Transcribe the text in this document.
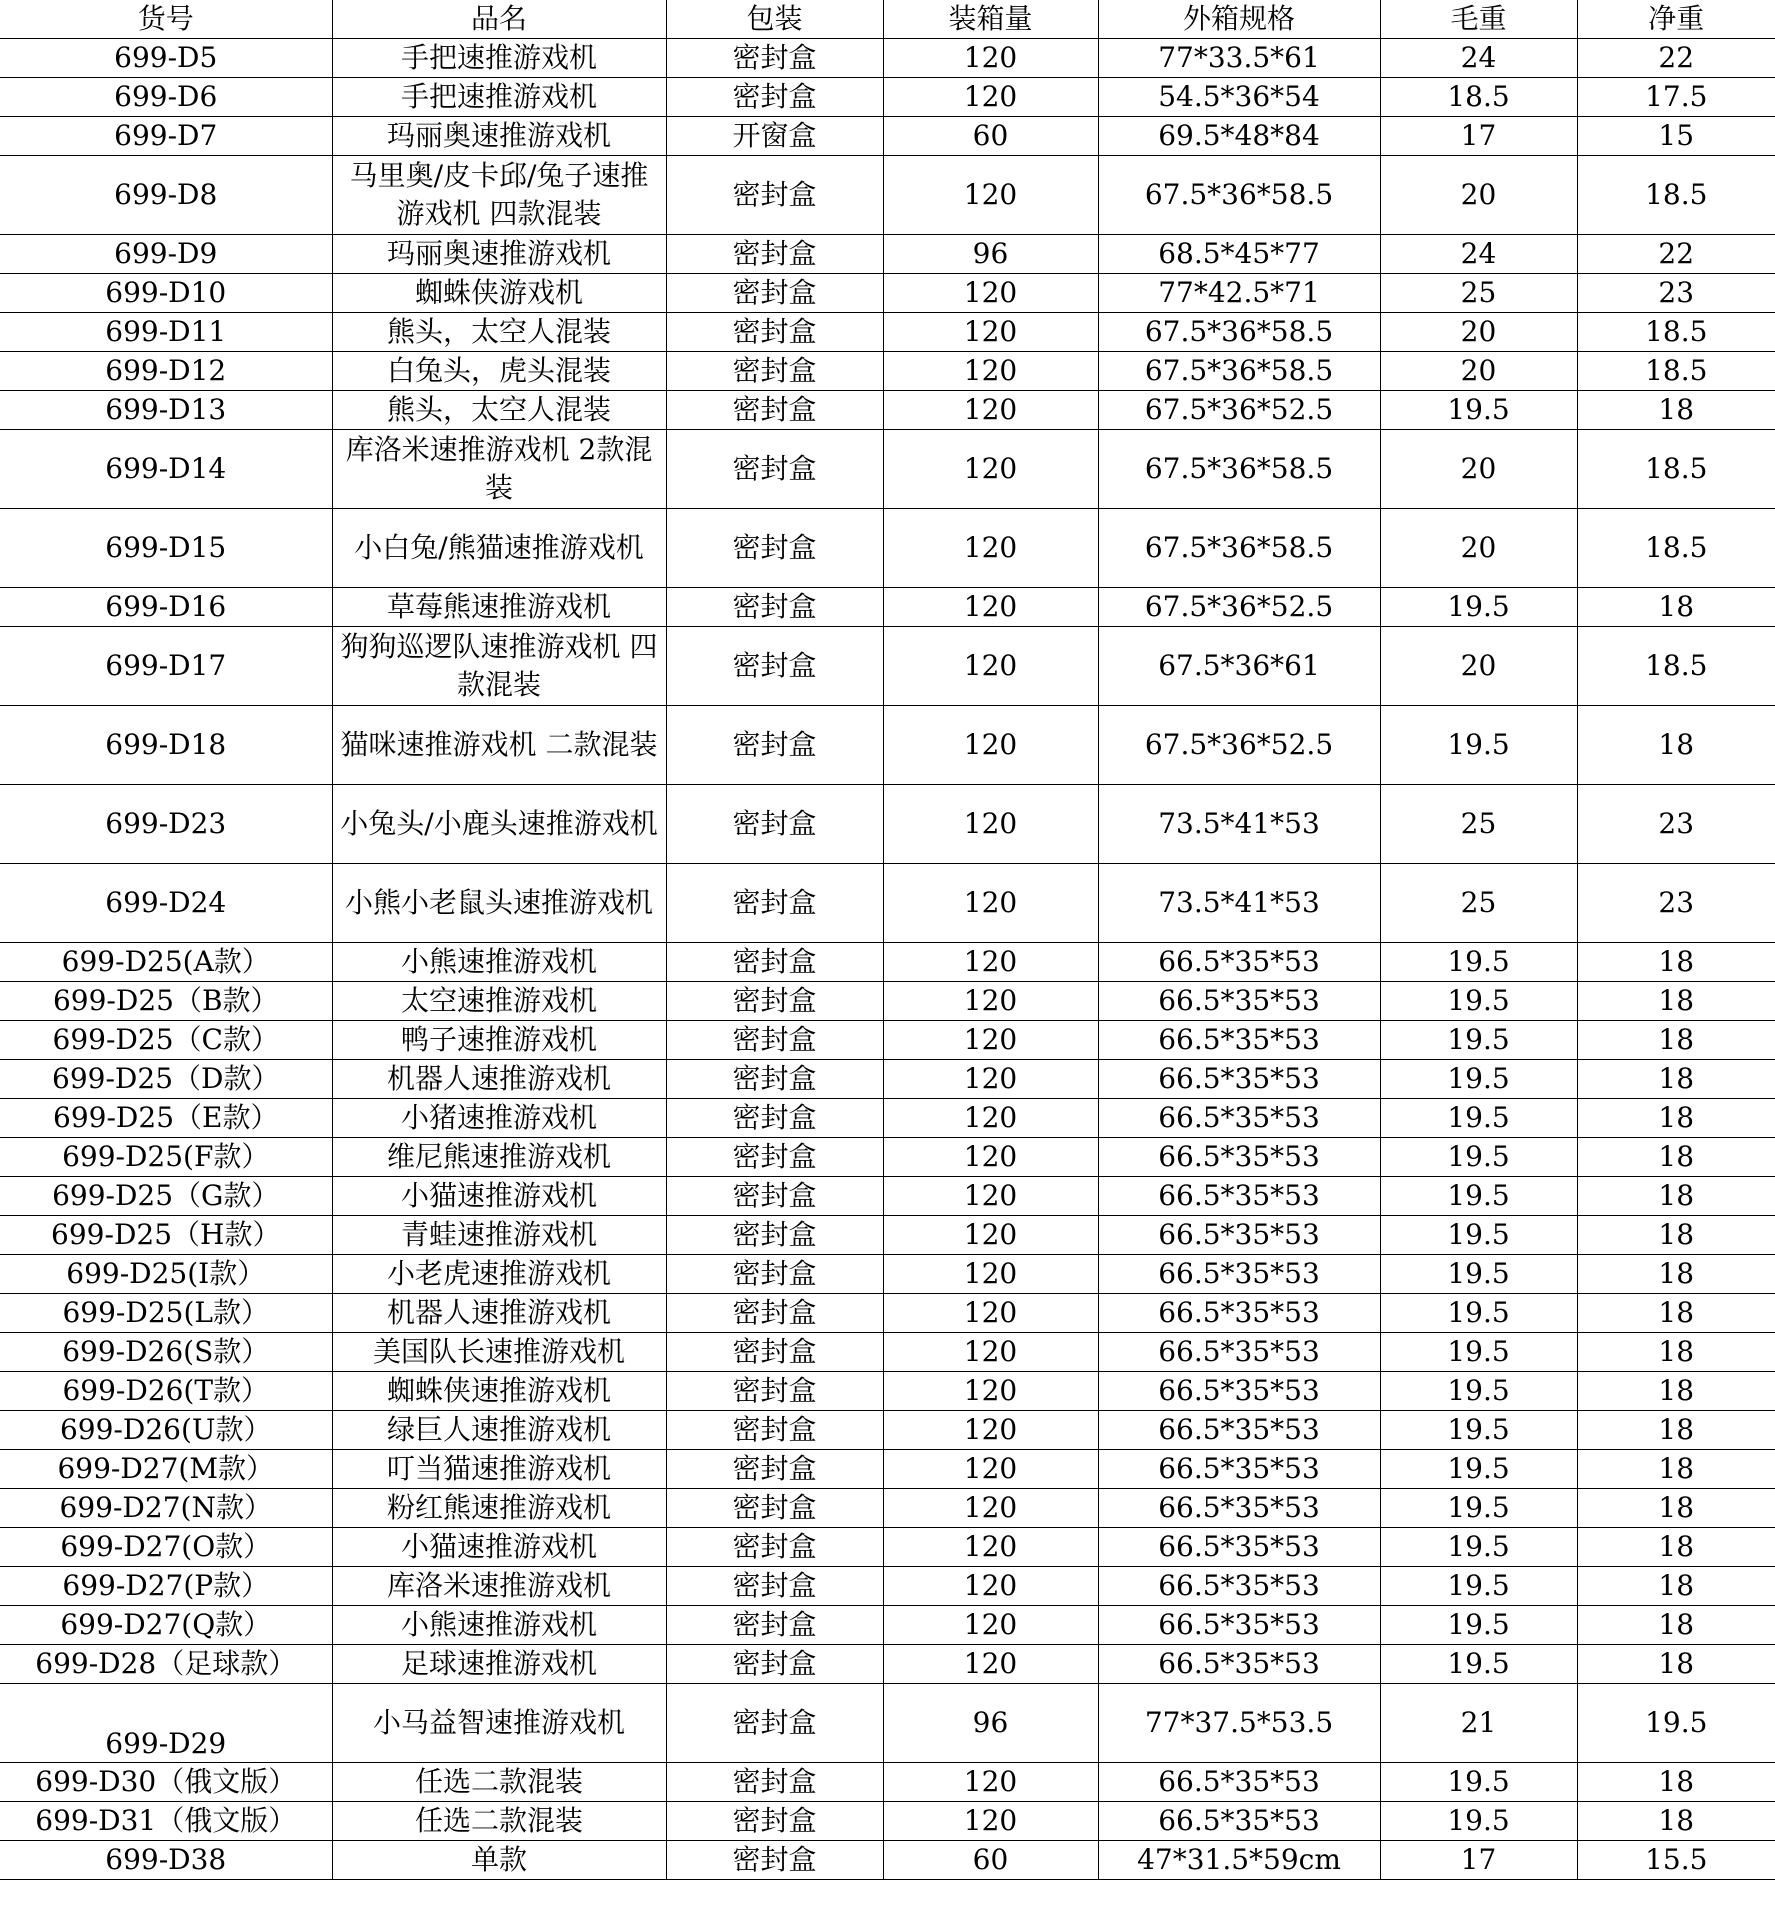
货号	品名	包装	装箱量	外箱规格	毛重	净重
699-D5	手把速推游戏机	密封盒	120	77*33.5*61	24	22
699-D6	手把速推游戏机	密封盒	120	54.5*36*54	18.5	17.5
699-D7	玛丽奥速推游戏机	开窗盒	60	69.5*48*84	17	15
699-D8	马里奥/皮卡邱/兔子速推游戏机 四款混装	密封盒	120	67.5*36*58.5	20	18.5
699-D9	玛丽奥速推游戏机	密封盒	96	68.5*45*77	24	22
699-D10	蜘蛛侠游戏机	密封盒	120	77*42.5*71	25	23
699-D11	熊头，太空人混装	密封盒	120	67.5*36*58.5	20	18.5
699-D12	白兔头，虎头混装	密封盒	120	67.5*36*58.5	20	18.5
699-D13	熊头，太空人混装	密封盒	120	67.5*36*52.5	19.5	18
699-D14	库洛米速推游戏机 2款混装	密封盒	120	67.5*36*58.5	20	18.5
699-D15	小白兔/熊猫速推游戏机	密封盒	120	67.5*36*58.5	20	18.5
699-D16	草莓熊速推游戏机	密封盒	120	67.5*36*52.5	19.5	18
699-D17	狗狗巡逻队速推游戏机 四款混装	密封盒	120	67.5*36*61	20	18.5
699-D18	猫咪速推游戏机 二款混装	密封盒	120	67.5*36*52.5	19.5	18
699-D23	小兔头/小鹿头速推游戏机	密封盒	120	73.5*41*53	25	23
699-D24	小熊小老鼠头速推游戏机	密封盒	120	73.5*41*53	25	23
699-D25(A款）	小熊速推游戏机	密封盒	120	66.5*35*53	19.5	18
699-D25（B款）	太空速推游戏机	密封盒	120	66.5*35*53	19.5	18
699-D25（C款）	鸭子速推游戏机	密封盒	120	66.5*35*53	19.5	18
699-D25（D款）	机器人速推游戏机	密封盒	120	66.5*35*53	19.5	18
699-D25（E款）	小猪速推游戏机	密封盒	120	66.5*35*53	19.5	18
699-D25(F款）	维尼熊速推游戏机	密封盒	120	66.5*35*53	19.5	18
699-D25（G款）	小猫速推游戏机	密封盒	120	66.5*35*53	19.5	18
699-D25（H款）	青蛙速推游戏机	密封盒	120	66.5*35*53	19.5	18
699-D25(I款）	小老虎速推游戏机	密封盒	120	66.5*35*53	19.5	18
699-D25(L款）	机器人速推游戏机	密封盒	120	66.5*35*53	19.5	18
699-D26(S款）	美国队长速推游戏机	密封盒	120	66.5*35*53	19.5	18
699-D26(T款）	蜘蛛侠速推游戏机	密封盒	120	66.5*35*53	19.5	18
699-D26(U款）	绿巨人速推游戏机	密封盒	120	66.5*35*53	19.5	18
699-D27(M款）	叮当猫速推游戏机	密封盒	120	66.5*35*53	19.5	18
699-D27(N款）	粉红熊速推游戏机	密封盒	120	66.5*35*53	19.5	18
699-D27(O款）	小猫速推游戏机	密封盒	120	66.5*35*53	19.5	18
699-D27(P款）	库洛米速推游戏机	密封盒	120	66.5*35*53	19.5	18
699-D27(Q款）	小熊速推游戏机	密封盒	120	66.5*35*53	19.5	18
699-D28（足球款）	足球速推游戏机	密封盒	120	66.5*35*53	19.5	18
699-D29	小马益智速推游戏机	密封盒	96	77*37.5*53.5	21	19.5
699-D30（俄文版）	任选二款混装	密封盒	120	66.5*35*53	19.5	18
699-D31（俄文版）	任选二款混装	密封盒	120	66.5*35*53	19.5	18
699-D38	单款	密封盒	60	47*31.5*59cm	17	15.5
